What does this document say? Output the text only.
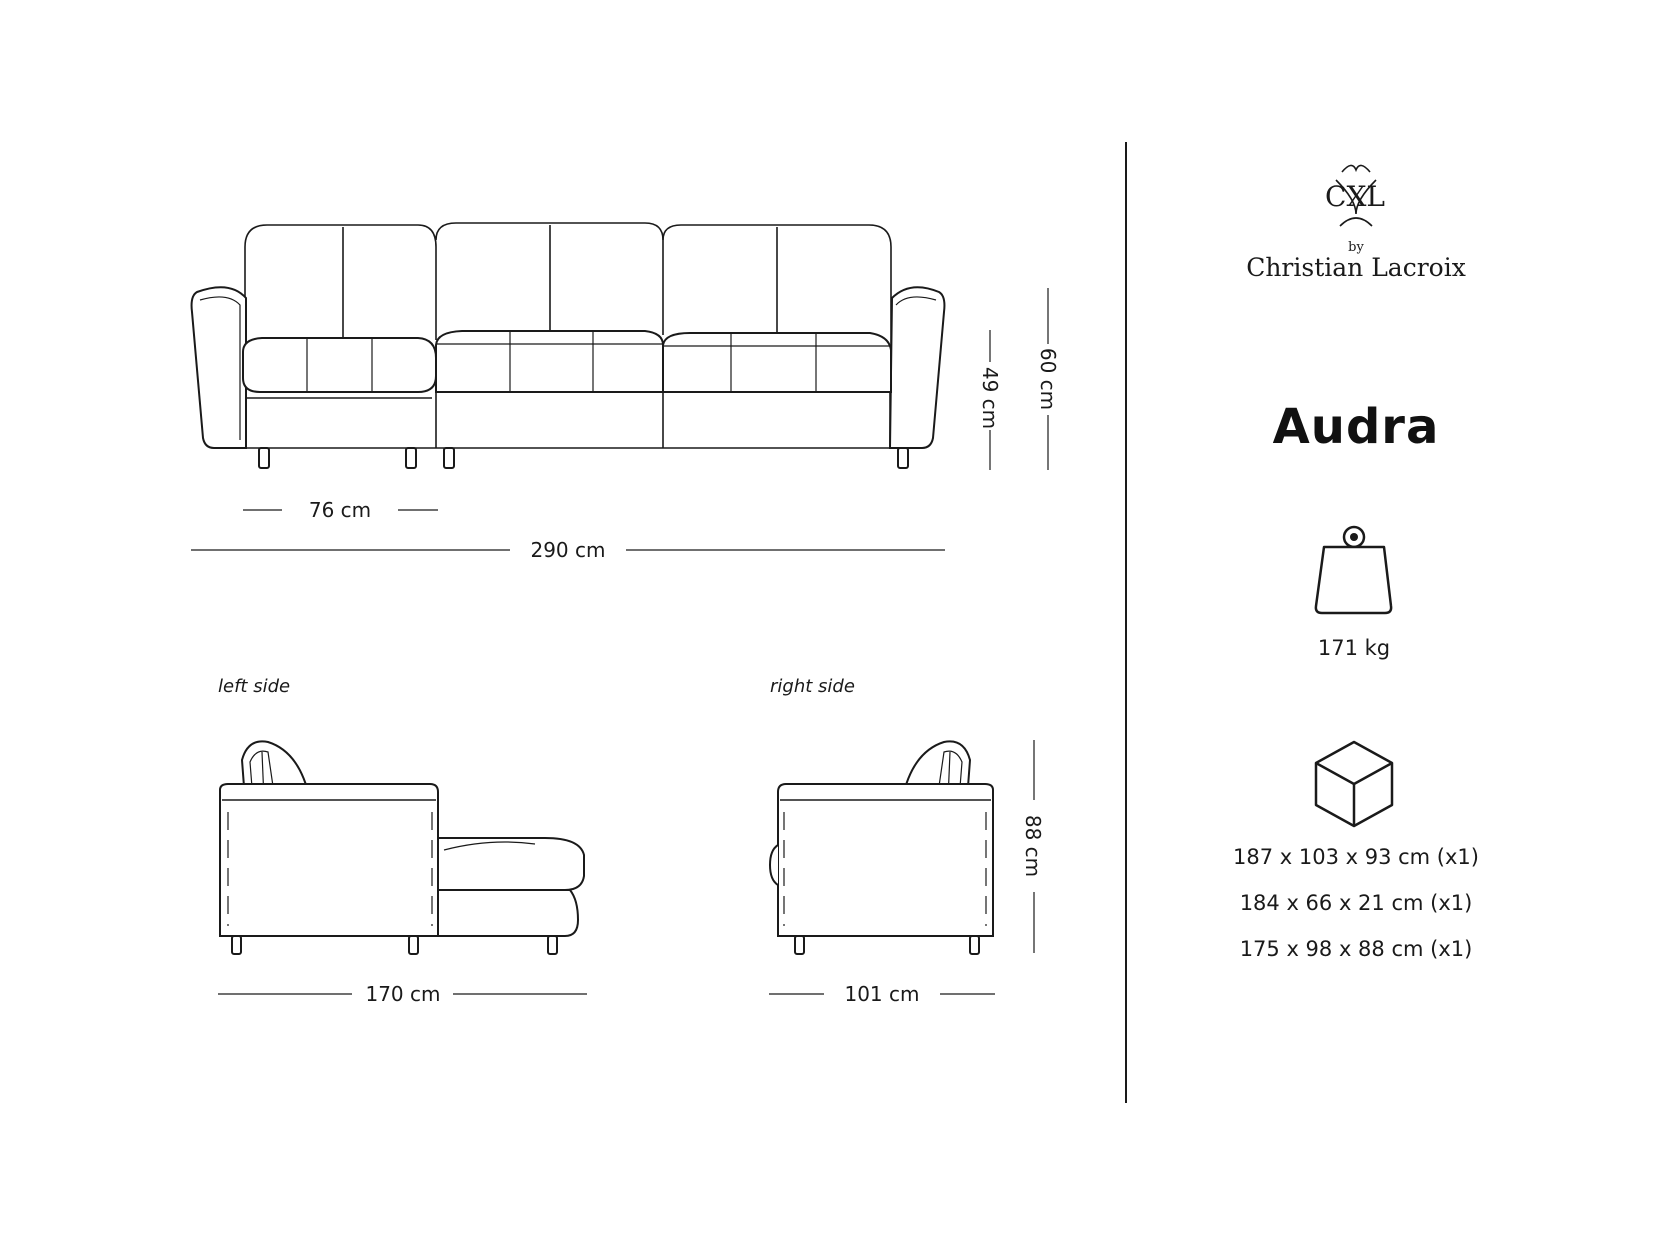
76 cm
290 cm
49 cm 60 cm
left side
170 cm
right side
101 cm
88 cm
CXL
by
Christian Lacroix
Audra
171 kg
187 x 103 x 93 cm (x1)
184 x 66 x 21 cm (x1)
175 x 98 x 88 cm (x1)
